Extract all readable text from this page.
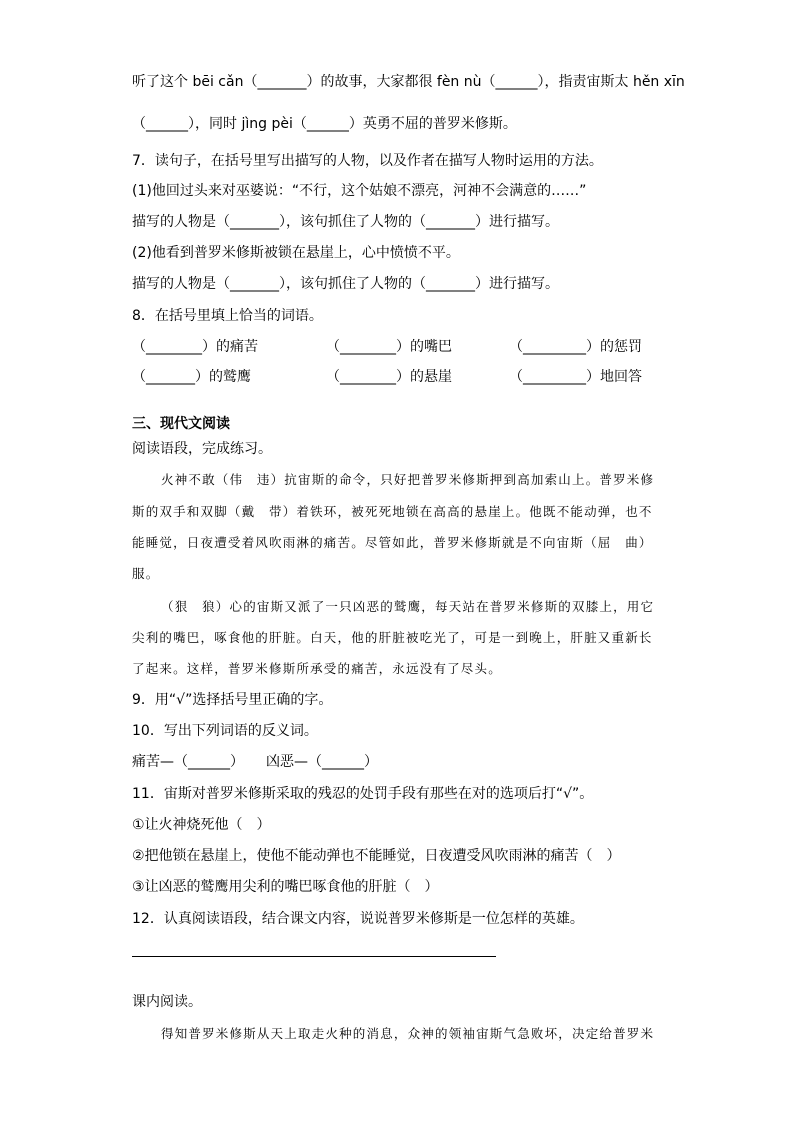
听了这个 bēi cǎn（_______）的故事，大家都很 fèn nù（______），指责宙斯太 hěn xīn
（______），同时 jìng pèi（______）英勇不屈的普罗米修斯。
7．读句子，在括号里写出描写的人物，以及作者在描写人物时运用的方法。
(1)他回过头来对巫婆说：“不行，这个姑娘不漂亮，河神不会满意的……”
描写的人物是（_______），该句抓住了人物的（_______）进行描写。
(2)他看到普罗米修斯被锁在悬崖上，心中愤愤不平。
描写的人物是（_______），该句抓住了人物的（_______）进行描写。
8．在括号里填上恰当的词语。
（________）的痛苦	（________）的嘴巴	（_________）的惩罚
（_______）的鹫鹰	（________）的悬崖	（_________）地回答
三、现代文阅读
阅读语段，完成练习。
火神不敢（伟　违）抗宙斯的命令，只好把普罗米修斯押到高加索山上。普罗米修
斯的双手和双脚（戴　带）着铁环，被死死地锁在高高的悬崖上。他既不能动弹，也不
能睡觉，日夜遭受着风吹雨淋的痛苦。尽管如此，普罗米修斯就是不向宙斯（屈　曲）
服。
（狠　狼）心的宙斯又派了一只凶恶的鹫鹰，每天站在普罗米修斯的双膝上，用它
尖利的嘴巴，啄食他的肝脏。白天，他的肝脏被吃光了，可是一到晚上，肝脏又重新长
了起来。这样，普罗米修斯所承受的痛苦，永远没有了尽头。
9．用“√”选择括号里正确的字。
10．写出下列词语的反义词。
痛苦—（______） 凶恶—（______）
11．宙斯对普罗米修斯采取的残忍的处罚手段有那些在对的选项后打“√”。
①让火神烧死他（　）
②把他锁在悬崖上，使他不能动弹也不能睡觉，日夜遭受风吹雨淋的痛苦（　）
③让凶恶的鹫鹰用尖利的嘴巴啄食他的肝脏（　）
12．认真阅读语段，结合课文内容，说说普罗米修斯是一位怎样的英雄。
课内阅读。
得知普罗米修斯从天上取走火种的消息，众神的领袖宙斯气急败坏，决定给普罗米
